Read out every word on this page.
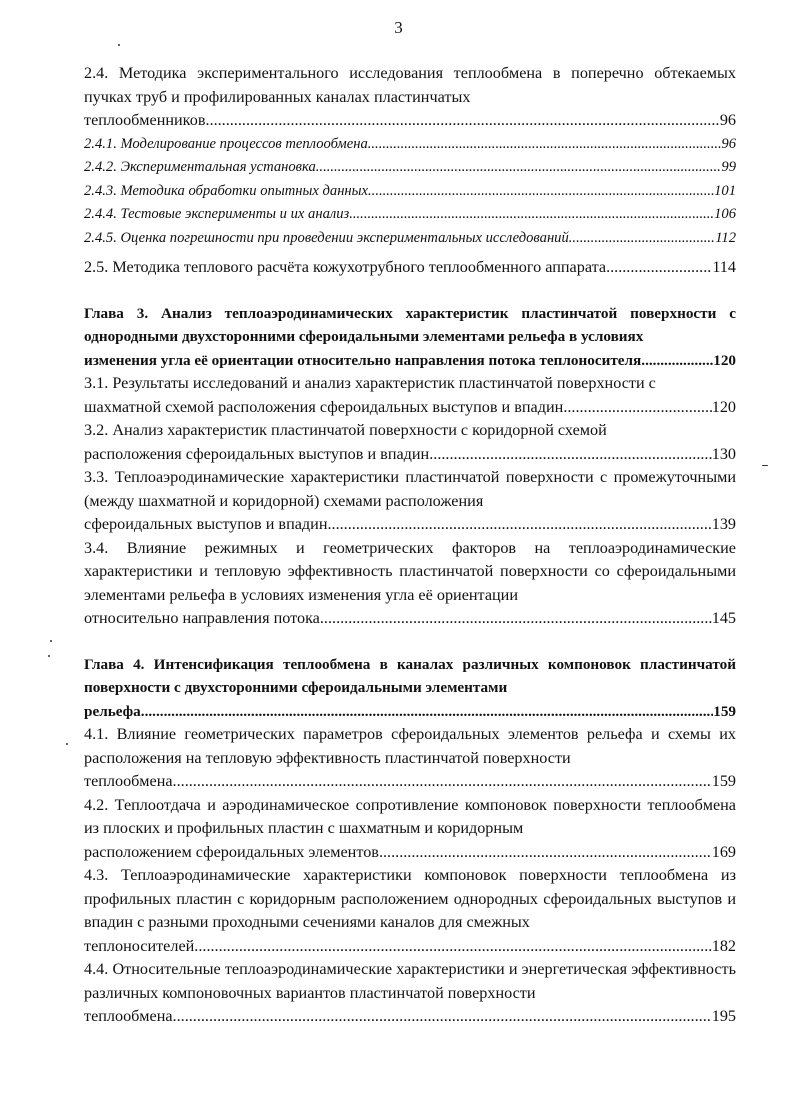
3
2.4. Методика экспериментального исследования теплообмена в поперечно обтекаемых пучках труб и профилированных каналах пластинчатых
теплообменников .....	96
2.4.1. Моделирование процессов теплообмена .....	96
2.4.2. Экспериментальная установка .....	99
2.4.3. Методика обработки опытных данных .....	101
2.4.4. Тестовые эксперименты и их анализ .....	106
2.4.5. Оценка погрешности при проведении экспериментальных исследований .....	112
2.5. Методика теплового расчёта кожухотрубного теплообменного аппарата .....	114
Глава 3. Анализ теплоаэродинамических характеристик пластинчатой поверхности с однородными двухсторонними сфероидальными элементами рельефа в условиях
изменения угла её ориентации относительно направления потока теплоносителя .....	120
3.1. Результаты исследований и анализ характеристик пластинчатой поверхности с
шахматной схемой расположения сфероидальных выступов и впадин .....	120
3.2. Анализ характеристик пластинчатой поверхности с коридорной схемой
расположения сфероидальных выступов и впадин .....	130
3.3. Теплоаэродинамические характеристики пластинчатой поверхности с промежуточными (между шахматной и коридорной) схемами расположения
сфероидальных выступов и впадин .....	139
3.4. Влияние режимных и геометрических факторов на теплоаэродинамические характеристики и тепловую эффективность пластинчатой поверхности со сфероидальными элементами рельефа в условиях изменения угла её ориентации
относительно направления потока .....	145
Глава 4. Интенсификация теплообмена в каналах различных компоновок пластинчатой поверхности с двухсторонними сфероидальными элементами
рельефа .....	159
4.1. Влияние геометрических параметров сфероидальных элементов рельефа и схемы их расположения на тепловую эффективность пластинчатой поверхности
теплообмена .....	159
4.2. Теплоотдача и аэродинамическое сопротивление компоновок поверхности теплообмена из плоских и профильных пластин с шахматным и коридорным
расположением сфероидальных элементов .....	169
4.3. Теплоаэродинамические характеристики компоновок поверхности теплообмена из профильных пластин с коридорным расположением однородных сфероидальных выступов и впадин с разными проходными сечениями каналов для смежных
теплоносителей .....	182
4.4. Относительные теплоаэродинамические характеристики и энергетическая эффективность различных компоновочных вариантов пластинчатой поверхности
теплообмена .....	195
